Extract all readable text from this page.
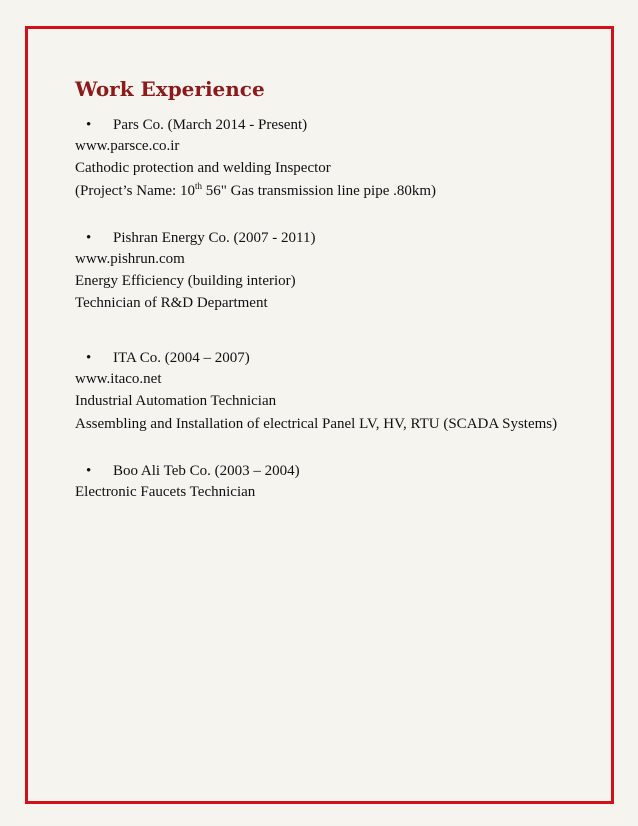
Work Experience
• Pars Co. (March 2014 - Present)
www.parsce.co.ir
Cathodic protection and welding Inspector
(Project’s Name: 10th 56" Gas transmission line pipe .80km)
• Pishran Energy Co. (2007 - 2011)
www.pishrun.com
Energy Efficiency (building interior)
Technician of R&D Department
• ITA Co. (2004 – 2007)
www.itaco.net
Industrial Automation Technician
Assembling and Installation of electrical Panel LV, HV, RTU (SCADA Systems)
• Boo Ali Teb Co. (2003 – 2004)
Electronic Faucets Technician
